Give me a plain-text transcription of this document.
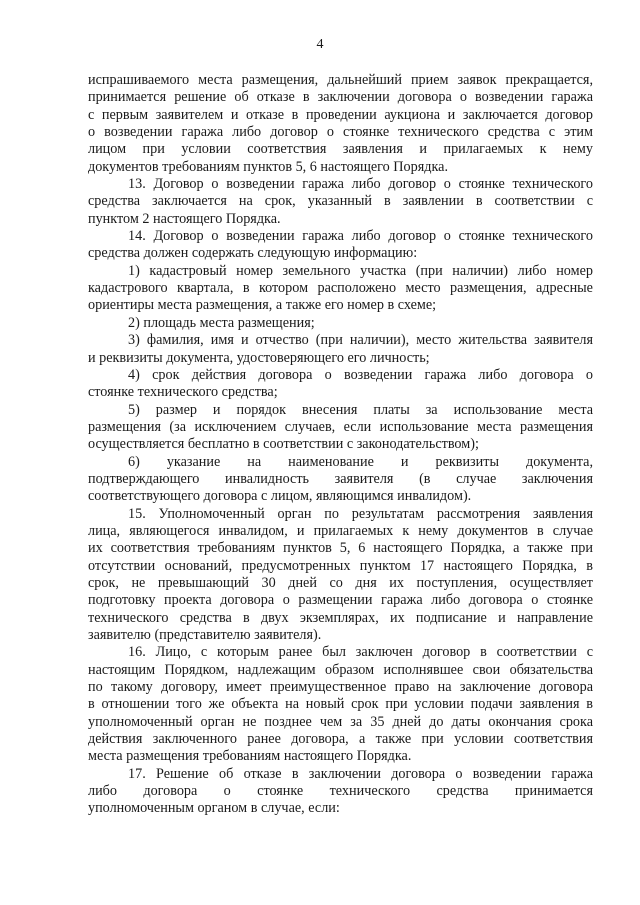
4
испрашиваемого места размещения, дальнейший прием заявок прекращается,
принимается решение об отказе в заключении договора о возведении гаража
с первым заявителем и отказе в проведении аукциона и заключается договор
о возведении гаража либо договор о стоянке технического средства с этим
лицом при условии соответствия заявления и прилагаемых к нему
документов требованиям пунктов 5, 6 настоящего Порядка.
13. Договор о возведении гаража либо договор о стоянке технического
средства заключается на срок, указанный в заявлении в соответствии с
пунктом 2 настоящего Порядка.
14. Договор о возведении гаража либо договор о стоянке технического
средства должен содержать следующую информацию:
1) кадастровый номер земельного участка (при наличии) либо номер
кадастрового квартала, в котором расположено место размещения, адресные
ориентиры места размещения, а также его номер в схеме;
2) площадь места размещения;
3) фамилия, имя и отчество (при наличии), место жительства заявителя
и реквизиты документа, удостоверяющего его личность;
4) срок действия договора о возведении гаража либо договора о
стоянке технического средства;
5) размер и порядок внесения платы за использование места
размещения (за исключением случаев, если использование места размещения
осуществляется бесплатно в соответствии с законодательством);
6) указание на наименование и реквизиты документа,
подтверждающего инвалидность заявителя (в случае заключения
соответствующего договора с лицом, являющимся инвалидом).
15. Уполномоченный орган по результатам рассмотрения заявления
лица, являющегося инвалидом, и прилагаемых к нему документов в случае
их соответствия требованиям пунктов 5, 6 настоящего Порядка, а также при
отсутствии оснований, предусмотренных пунктом 17 настоящего Порядка, в
срок, не превышающий 30 дней со дня их поступления, осуществляет
подготовку проекта договора о размещении гаража либо договора о стоянке
технического средства в двух экземплярах, их подписание и направление
заявителю (представителю заявителя).
16. Лицо, с которым ранее был заключен договор в соответствии с
настоящим Порядком, надлежащим образом исполнявшее свои обязательства
по такому договору, имеет преимущественное право на заключение договора
в отношении того же объекта на новый срок при условии подачи заявления в
уполномоченный орган не позднее чем за 35 дней до даты окончания срока
действия заключенного ранее договора, а также при условии соответствия
места размещения требованиям настоящего Порядка.
17. Решение об отказе в заключении договора о возведении гаража
либо договора о стоянке технического средства принимается
уполномоченным органом в случае, если:
